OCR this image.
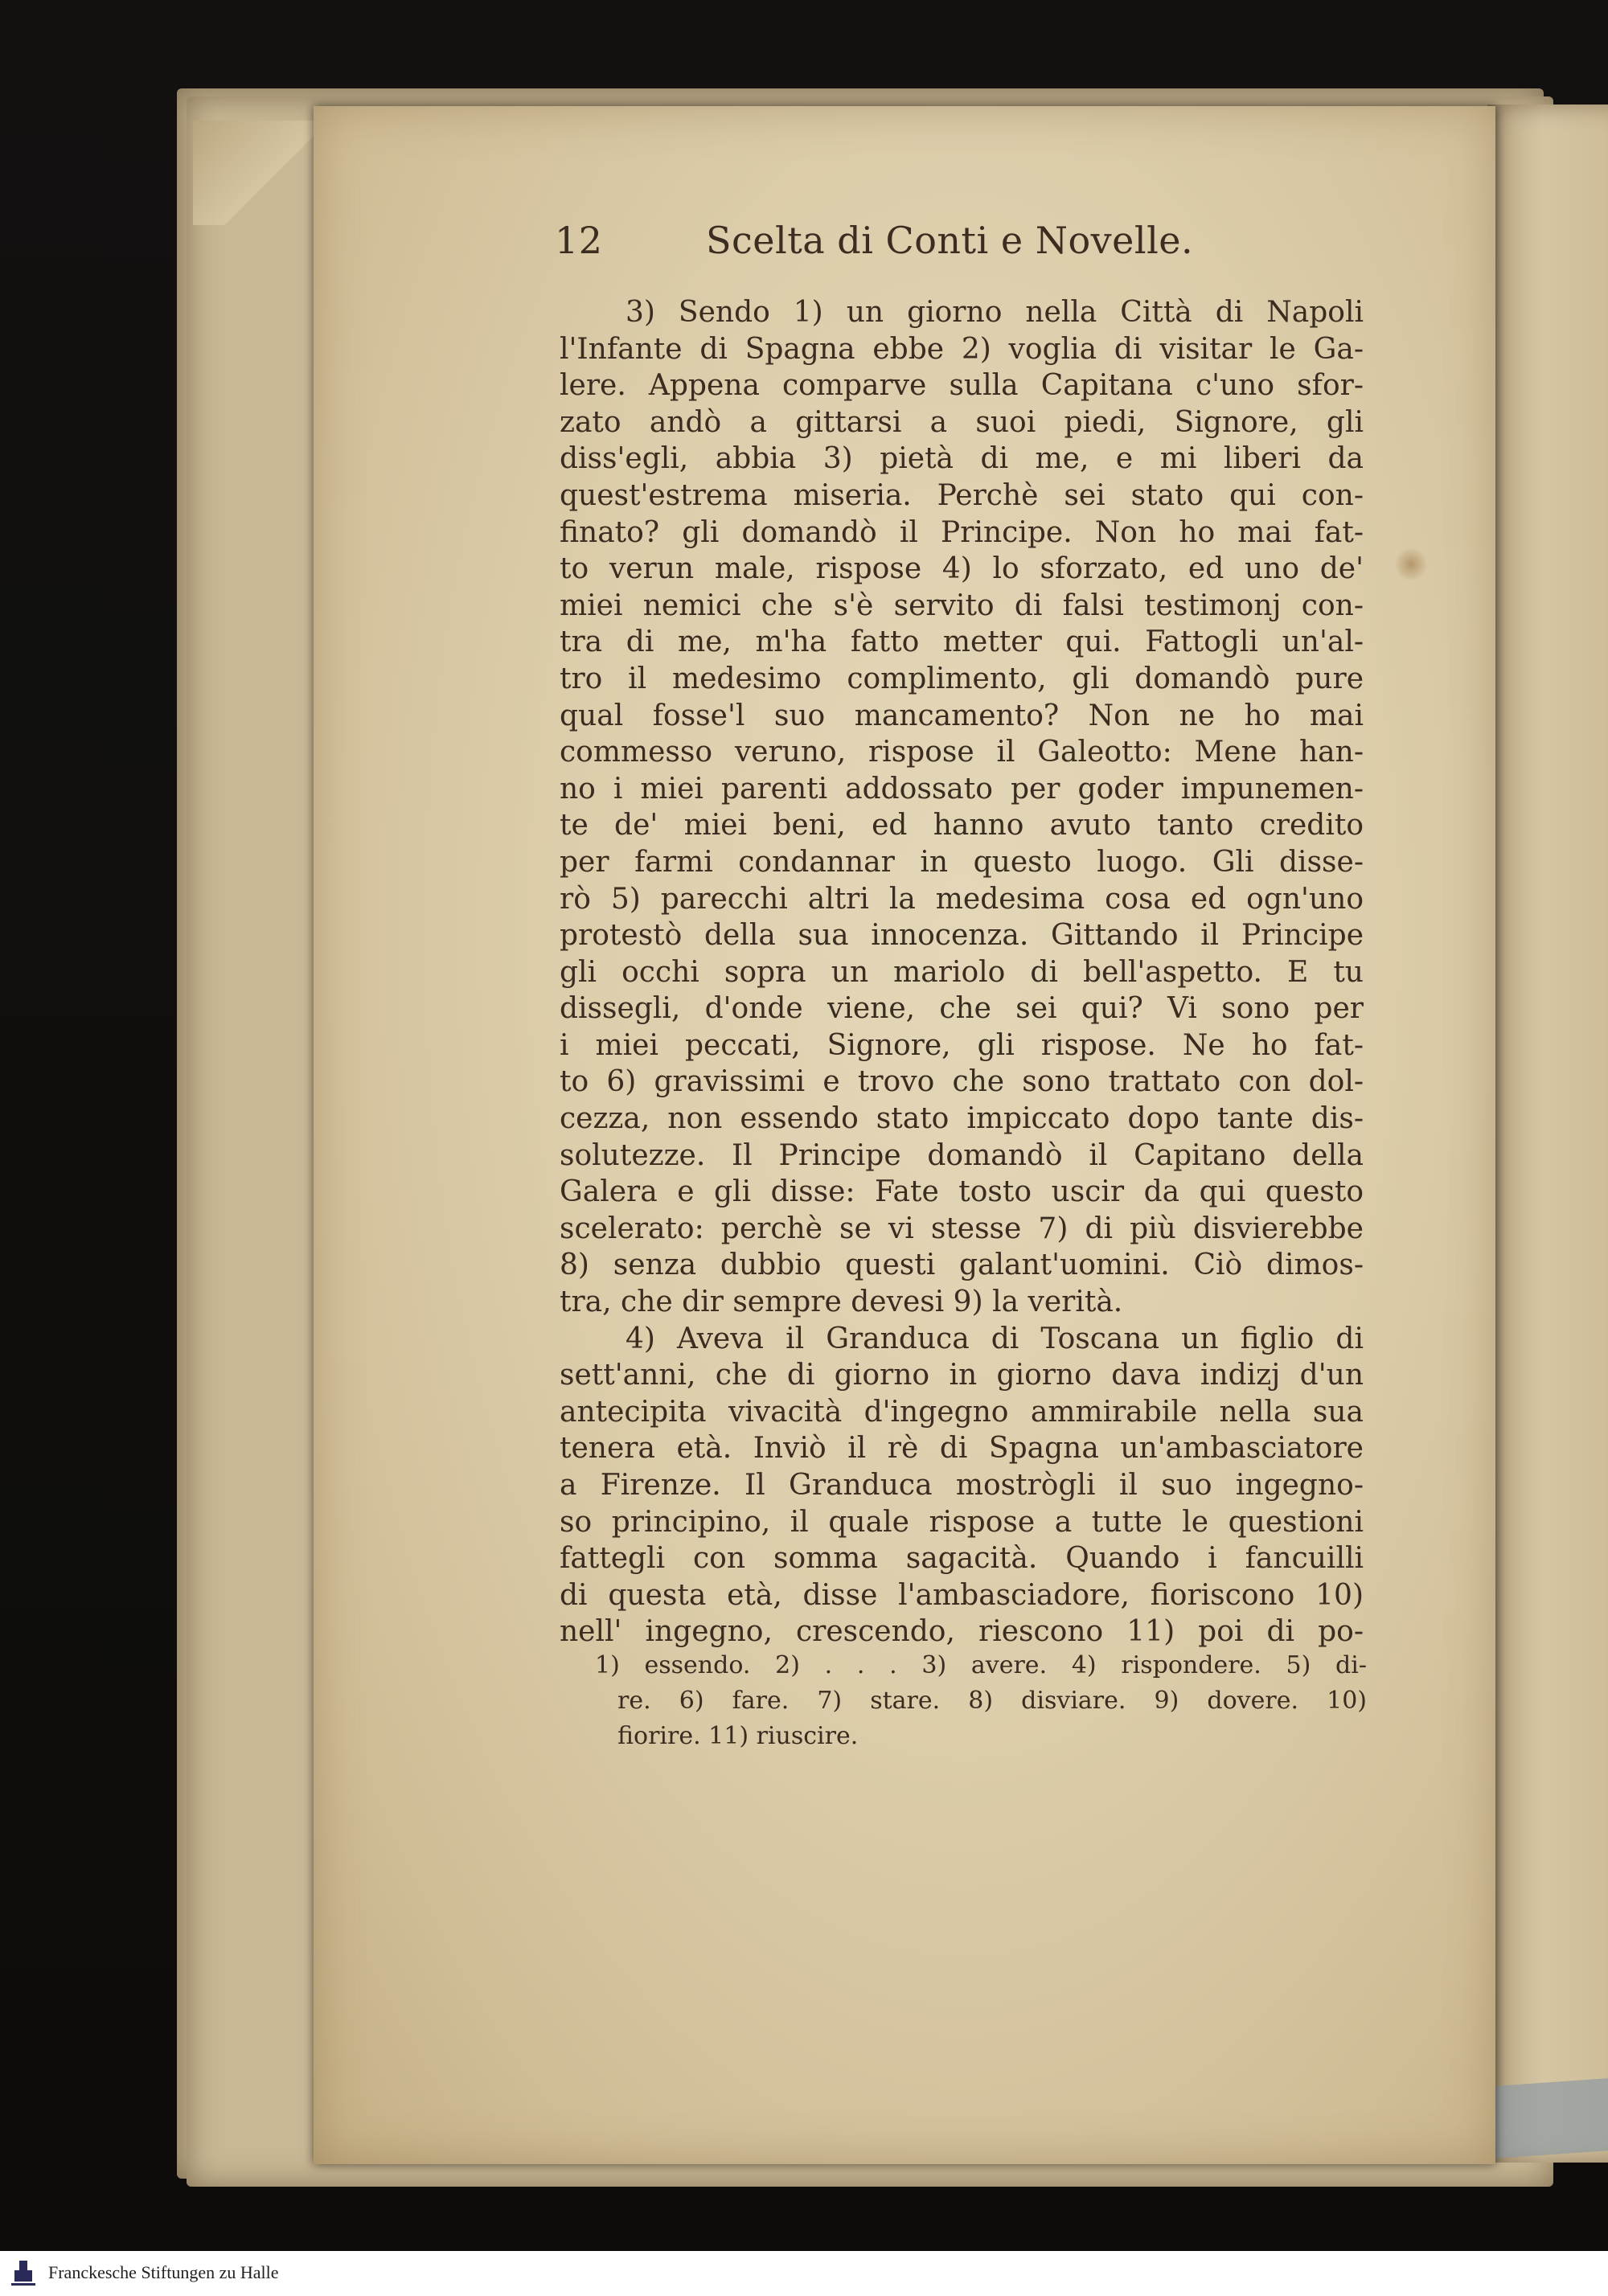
12	Scelta di Conti e Novelle.
3) Sendo 1) un giorno nella Città di Napoli
l'Infante di Spagna ebbe 2) voglia di visitar le Ga-
lere. Appena comparve sulla Capitana c'uno sfor-
zato andò a gittarsi a suoi piedi, Signore, gli
diss'egli, abbia 3) pietà di me, e mi liberi da
quest'estrema miseria. Perchè sei stato qui con-
finato? gli domandò il Principe. Non ho mai fat-
to verun male, rispose 4) lo sforzato, ed uno de'
miei nemici che s'è servito di falsi testimonj con-
tra di me, m'ha fatto metter qui. Fattogli un'al-
tro il medesimo complimento, gli domandò pure
qual fosse'l suo mancamento? Non ne ho mai
commesso veruno, rispose il Galeotto: Mene han-
no i miei parenti addossato per goder impunemen-
te de' miei beni, ed hanno avuto tanto credito
per farmi condannar in questo luogo. Gli disse-
rò 5) parecchi altri la medesima cosa ed ogn'uno
protestò della sua innocenza. Gittando il Principe
gli occhi sopra un mariolo di bell'aspetto. E tu
dissegli, d'onde viene, che sei qui? Vi sono per
i miei peccati, Signore, gli rispose. Ne ho fat-
to 6) gravissimi e trovo che sono trattato con dol-
cezza, non essendo stato impiccato dopo tante dis-
solutezze. Il Principe domandò il Capitano della
Galera e gli disse: Fate tosto uscir da qui questo
scelerato: perchè se vi stesse 7) di più disvierebbe
8) senza dubbio questi galant'uomini. Ciò dimos-
tra, che dir sempre devesi 9) la verità.
4) Aveva il Granduca di Toscana un figlio di
sett'anni, che di giorno in giorno dava indizj d'un
antecipita vivacità d'ingegno ammirabile nella sua
tenera età. Inviò il rè di Spagna un'ambasciatore
a Firenze. Il Granduca mostrògli il suo ingegno-
so principino, il quale rispose a tutte le questioni
fattegli con somma sagacità. Quando i fancuilli
di questa età, disse l'ambasciadore, fioriscono 10)
nell' ingegno, crescendo, riescono 11) poi di po-
1) essendo. 2) . . . 3) avere. 4) rispondere. 5) di-
re. 6) fare. 7) stare. 8) disviare. 9) dovere. 10)
fiorire. 11) riuscire.
Franckesche Stiftungen zu Halle
